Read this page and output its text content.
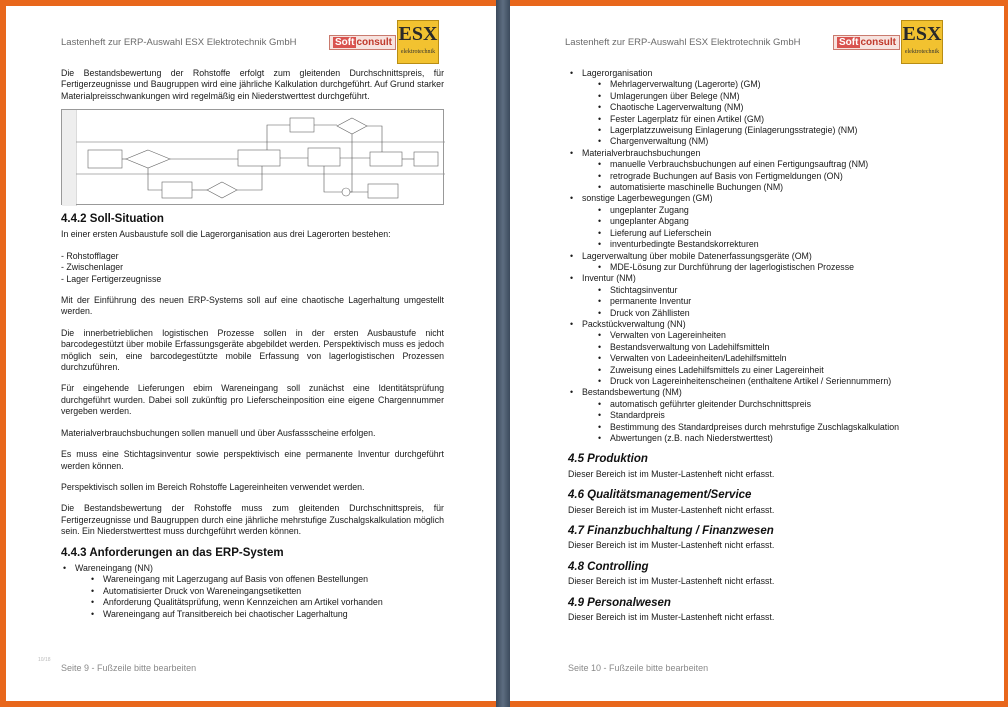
Lastenheft zur ERP-Auswahl ESX Elektrotechnik GmbH	Soft consult ESX
elektrotechnik

Die Bestandsbewertung der Rohstoffe erfolgt zum gleitenden Durchschnittspreis, für Fertigerzeugnisse und Baugruppen wird eine jährliche Kalkulation durchgeführt. Auf Grund starker Materialpreisschwankungen wird regelmäßig ein Niederstwerttest durchgeführt.

4.4.2 Soll-Situation

In einer ersten Ausbaustufe soll die Lagerorganisation aus drei Lagerorten bestehen:

- Rohstofflager
- Zwischenlager
- Lager Fertigerzeugnisse

Mit der Einführung des neuen ERP-Systems soll auf eine chaotische Lagerhaltung umgestellt werden.

Die innerbetrieblichen logistischen Prozesse sollen in der ersten Ausbaustufe nicht barcodegestützt über mobile Erfassungsgeräte abgebildet werden. Perspektivisch muss es jedoch möglich sein, eine barcodegestützte mobile Erfassung von lagerlogistischen Prozessen durchzuführen.

Für eingehende Lieferungen ebim Wareneingang soll zunächst eine Identitätsprüfung durchgeführt wurden. Dabei soll zukünftig pro Lieferscheinposition eine eigene Chargennummer vergeben werden.

Materialverbrauchsbuchungen sollen manuell und über Ausfassscheine erfolgen.

Es muss eine Stichtagsinventur sowie perspektivisch eine permanente Inventur durchgeführt werden können.

Perspektivisch sollen im Bereich Rohstoffe Lagereinheiten verwendet werden.

Die Bestandsbewertung der Rohstoffe muss zum gleitenden Durchschnittspreis, für Fertigerzeugnisse und Baugruppen durch eine jährliche mehrstufige Zuschalgskalkulation möglich sein. Ein Niederstwerttest muss durchgeführt werden können.

4.4.3 Anforderungen an das ERP-System
• Wareneingang (NN)
• Wareneingang mit Lagerzugang auf Basis von offenen Bestellungen
• Automatisierter Druck von Wareneingangsetiketten
• Anforderung Qualitätsprüfung, wenn Kennzeichen am Artikel vorhanden
• Wareneingang auf Transitbereich bei chaotischer Lagerhaltung
10/18
Seite 9 - Fußzeile bitte bearbeiten
Lastenheft zur ERP-Auswahl ESX Elektrotechnik GmbH	Soft consult ESX
elektrotechnik
• Lagerorganisation
• Mehrlagerverwaltung (Lagerorte) (GM)
• Umlagerungen über Belege (NM)
• Chaotische Lagerverwaltung (NM)
• Fester Lagerplatz für einen Artikel (GM)
• Lagerplatzzuweisung Einlagerung (Einlagerungsstrategie) (NM)
• Chargenverwaltung (NM)
• Materialverbrauchsbuchungen
• manuelle Verbrauchsbuchungen auf einen Fertigungsauftrag (NM)
• retrograde Buchungen auf Basis von Fertigmeldungen (ON)
• automatisierte maschinelle Buchungen (NM)
• sonstige Lagerbewegungen (GM)
• ungeplanter Zugang
• ungeplanter Abgang
• Lieferung auf Lieferschein
• inventurbedingte Bestandskorrekturen
• Lagerverwaltung über mobile Datenerfassungsgeräte (OM)
• MDE-Lösung zur Durchführung der lagerlogistischen Prozesse
• Inventur (NM)
• Stichtagsinventur
• permanente Inventur
• Druck von Zähllisten
• Packstückverwaltung (NN)
• Verwalten von Lagereinheiten
• Bestandsverwaltung von Ladehilfsmitteln
• Verwalten von Ladeeinheiten/Ladehilfsmitteln
• Zuweisung eines Ladehilfsmittels zu einer Lagereinheit
• Druck von Lagereinheitenscheinen (enthaltene Artikel / Seriennummern)
• Bestandsbewertung (NM)
• automatisch geführter gleitender Durchschnittspreis
• Standardpreis
• Bestimmung des Standardpreises durch mehrstufige Zuschlagskalkulation
• Abwertungen (z.B. nach Niederstwerttest)
4.5 Produktion
Dieser Bereich ist im Muster-Lastenheft nicht erfasst.
4.6 Qualitätsmanagement/Service
Dieser Bereich ist im Muster-Lastenheft nicht erfasst.
4.7 Finanzbuchhaltung / Finanzwesen
Dieser Bereich ist im Muster-Lastenheft nicht erfasst.
4.8 Controlling
Dieser Bereich ist im Muster-Lastenheft nicht erfasst.
4.9 Personalwesen
Dieser Bereich ist im Muster-Lastenheft nicht erfasst.
Seite 10 - Fußzeile bitte bearbeiten
